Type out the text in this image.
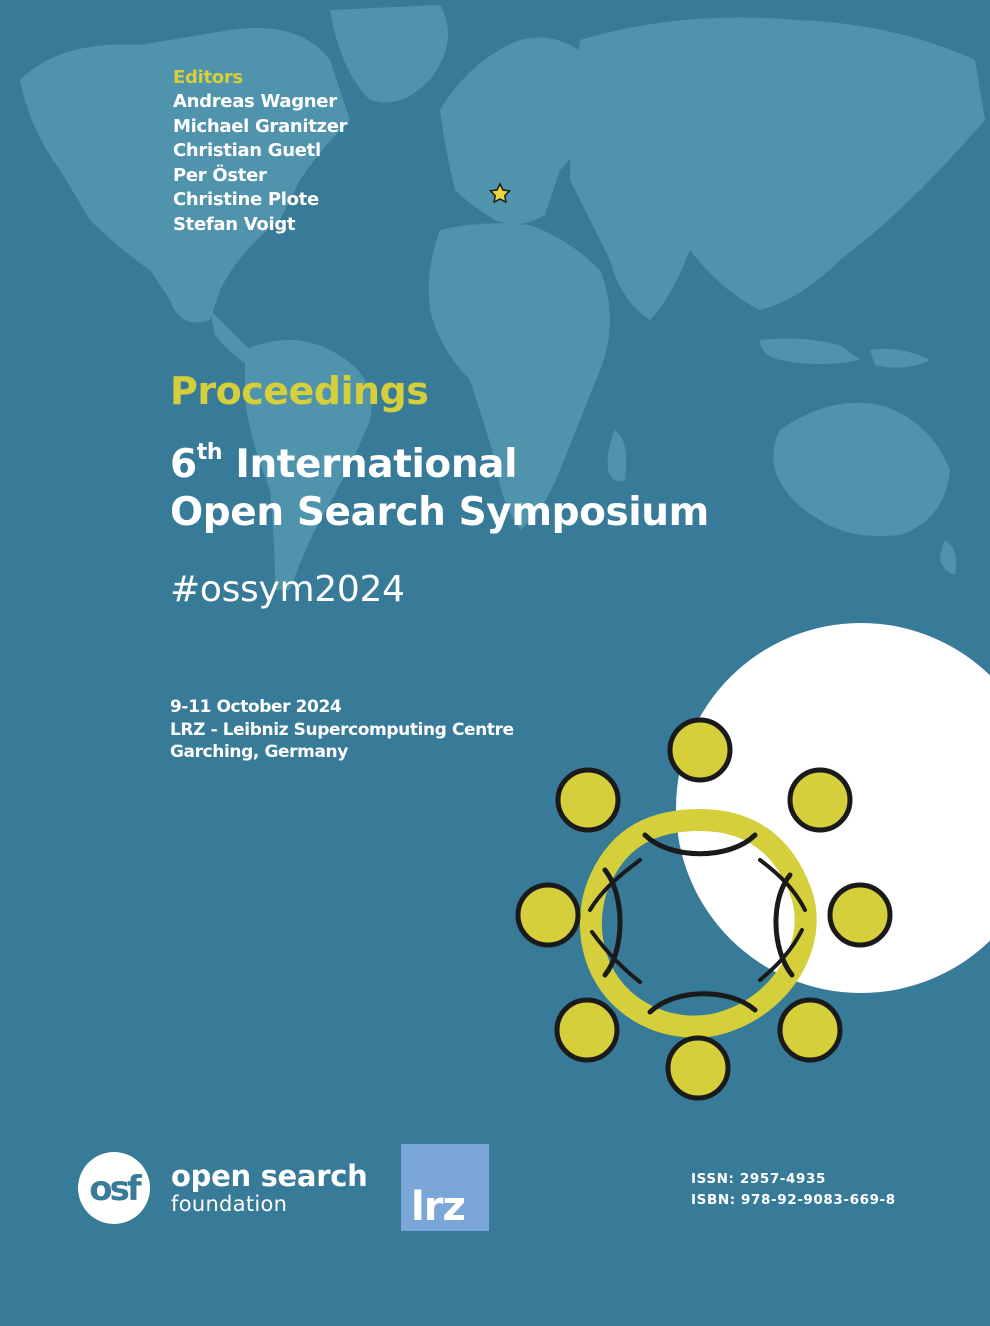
Editors
Andreas Wagner
Michael Granitzer
Christian Guetl
Per Öster
Christine Plote
Stefan Voigt
Proceedings
6th International
Open Search Symposium
#ossym2024
9-11 October 2024
LRZ - Leibniz Supercomputing Centre
Garching, Germany
osf open search
foundation	lrz
ISSN: 2957-4935
ISBN: 978-92-9083-669-8
